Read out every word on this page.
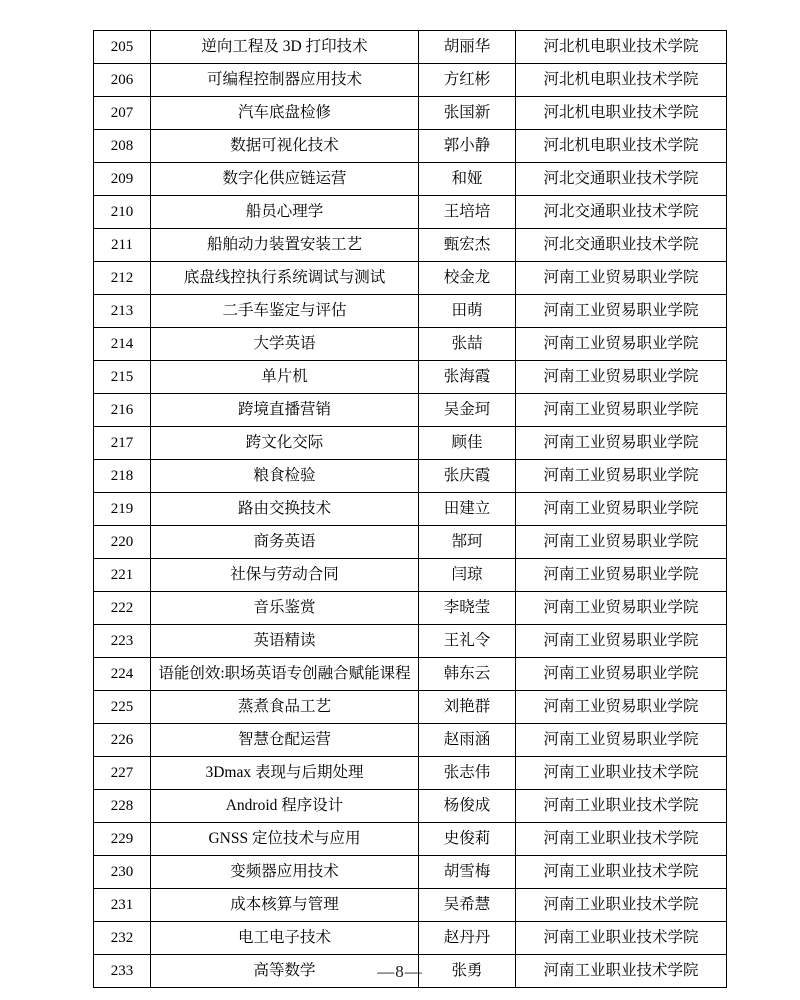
205	逆向工程及 3D 打印技术	胡丽华	河北机电职业技术学院
206	可编程控制器应用技术	方红彬	河北机电职业技术学院
207	汽车底盘检修	张国新	河北机电职业技术学院
208	数据可视化技术	郭小静	河北机电职业技术学院
209	数字化供应链运营	和娅	河北交通职业技术学院
210	船员心理学	王培培	河北交通职业技术学院
211	船舶动力装置安装工艺	甄宏杰	河北交通职业技术学院
212	底盘线控执行系统调试与测试	校金龙	河南工业贸易职业学院
213	二手车鉴定与评估	田萌	河南工业贸易职业学院
214	大学英语	张喆	河南工业贸易职业学院
215	单片机	张海霞	河南工业贸易职业学院
216	跨境直播营销	吴金珂	河南工业贸易职业学院
217	跨文化交际	顾佳	河南工业贸易职业学院
218	粮食检验	张庆霞	河南工业贸易职业学院
219	路由交换技术	田建立	河南工业贸易职业学院
220	商务英语	郜珂	河南工业贸易职业学院
221	社保与劳动合同	闫琼	河南工业贸易职业学院
222	音乐鉴赏	李晓莹	河南工业贸易职业学院
223	英语精读	王礼令	河南工业贸易职业学院
224	语能创效:职场英语专创融合赋能课程	韩东云	河南工业贸易职业学院
225	蒸煮食品工艺	刘艳群	河南工业贸易职业学院
226	智慧仓配运营	赵雨涵	河南工业贸易职业学院
227	3Dmax 表现与后期处理	张志伟	河南工业职业技术学院
228	Android 程序设计	杨俊成	河南工业职业技术学院
229	GNSS 定位技术与应用	史俊莉	河南工业职业技术学院
230	变频器应用技术	胡雪梅	河南工业职业技术学院
231	成本核算与管理	吴希慧	河南工业职业技术学院
232	电工电子技术	赵丹丹	河南工业职业技术学院
233	高等数学	张勇	河南工业职业技术学院
—8—
